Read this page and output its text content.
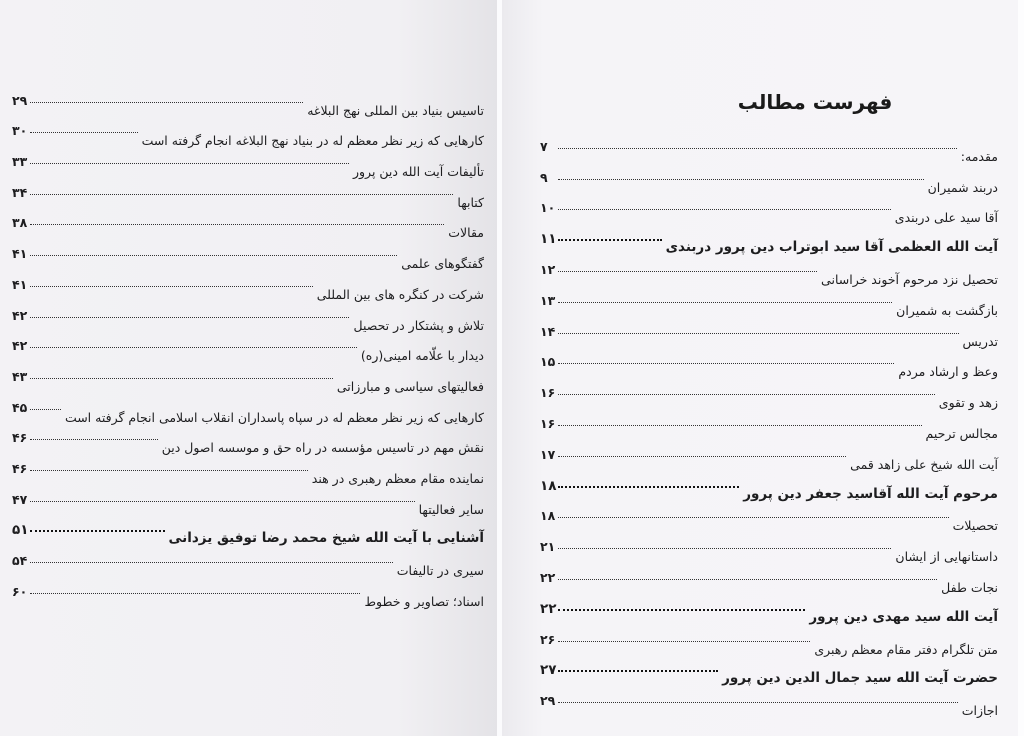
تاسیس بنیاد بین المللی نهج البلاغه
۲۹
کارهایی که زیر نظر معظم له در بنیاد نهج البلاغه انجام گرفته است
۳۰
تألیفات آیت الله دین پرور
۳۳
کتابها
۳۴
مقالات
۳۸
گفتگوهای علمی
۴۱
شرکت در کنگره های بین المللی
۴۱
تلاش و پشتکار در تحصیل
۴۲
دیدار با علّامه امینی(ره)
۴۲
فعالیتهای سیاسی و مبارزاتی
۴۳
کارهایی که زیر نظر معظم له در سپاه پاسداران انقلاب اسلامی انجام گرفته است
۴۵
نقش مهم در تاسیس مؤسسه در راه حق و موسسه اصول دین
۴۶
نماینده مقام معظم رهبری در هند
۴۶
سایر فعالیتها
۴۷
آشنایی با آیت الله شیخ محمد رضا توفیق یزدانی
۵۱
سیری در تالیفات
۵۴
اسناد؛ تصاویر و خطوط
۶۰
فهرست مطالب
مقدمه:
۷
دربند شمیران
۹
آقا سید علی دربندی
۱۰
آیت الله العظمی آقا سید ابوتراب دین پرور دربندی
۱۱
تحصیل نزد مرحوم آخوند خراسانی
۱۲
بازگشت به شمیران
۱۳
تدریس
۱۴
وعظ و ارشاد مردم
۱۵
زهد و تقوی
۱۶
مجالس ترحیم
۱۶
آیت الله شیخ علی زاهد قمی
۱۷
مرحوم آیت الله آقاسید جعفر دین پرور
۱۸
تحصیلات
۱۸
داستانهایی از ایشان
۲۱
نجات طفل
۲۲
آیت الله سید مهدی دین پرور
۲۲
متن تلگرام دفتر مقام معظم رهبری
۲۶
حضرت آیت الله سید جمال الدین دین پرور
۲۷
اجازات
۲۹
